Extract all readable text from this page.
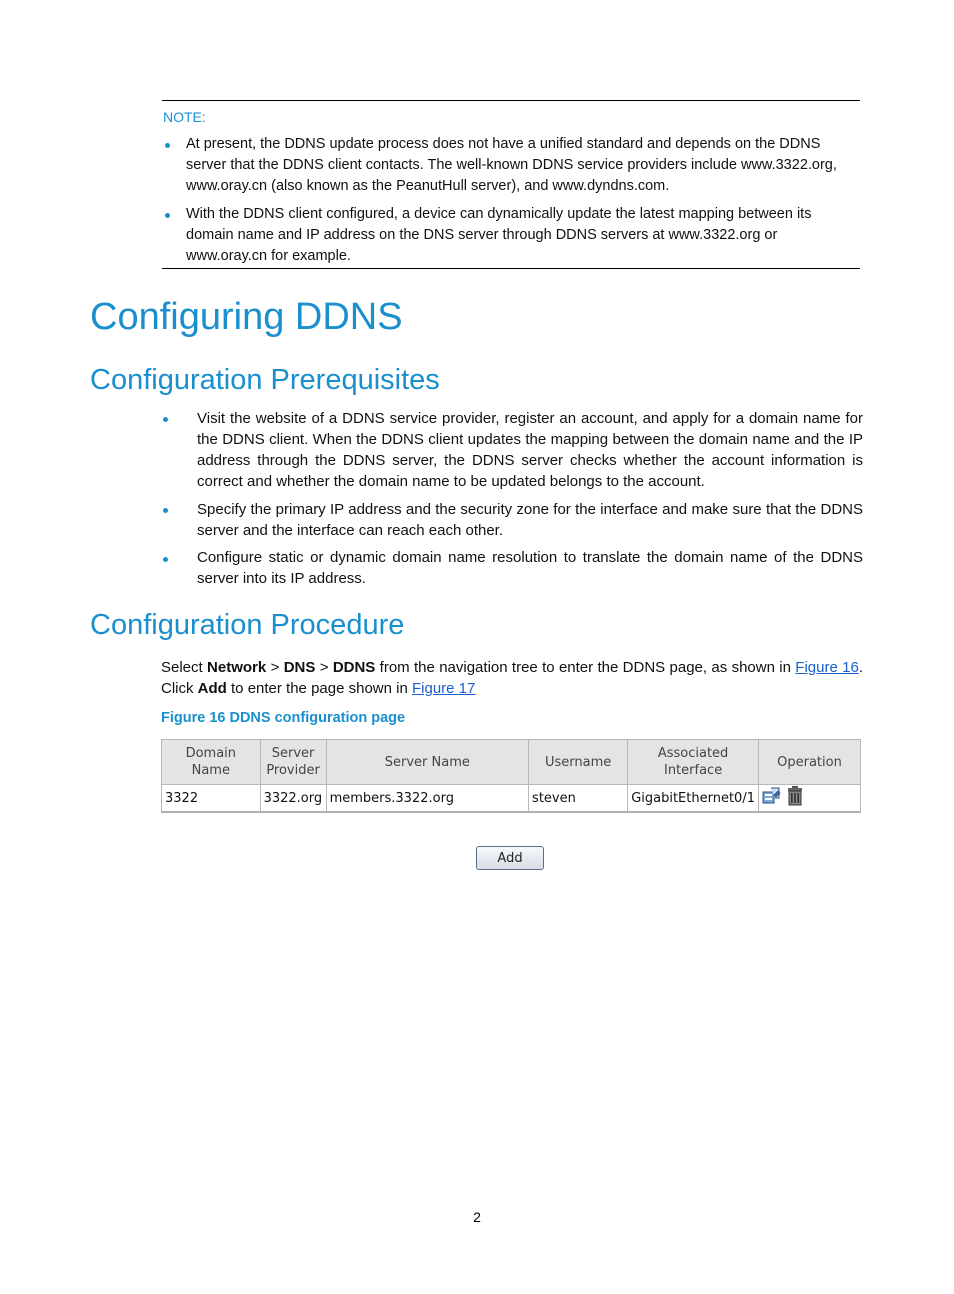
NOTE:
At present, the DDNS update process does not have a unified standard and depends on the DDNS server that the DDNS client contacts. The well-known DDNS service providers include www.3322.org, www.oray.cn (also known as the PeanutHull server), and www.dyndns.com.
With the DDNS client configured, a device can dynamically update the latest mapping between its domain name and IP address on the DNS server through DDNS servers at www.3322.org or www.oray.cn for example.
Configuring DDNS
Configuration Prerequisites
Visit the website of a DDNS service provider, register an account, and apply for a domain name for the DDNS client. When the DDNS client updates the mapping between the domain name and the IP address through the DDNS server, the DDNS server checks whether the account information is correct and whether the domain name to be updated belongs to the account.
Specify the primary IP address and the security zone for the interface and make sure that the DDNS server and the interface can reach each other.
Configure static or dynamic domain name resolution to translate the domain name of the DDNS server into its IP address.
Configuration Procedure
Select Network > DNS > DDNS from the navigation tree to enter the DDNS page, as shown in Figure 16. Click Add to enter the page shown in Figure 17
Figure 16 DDNS configuration page
Domain Name	Server Provider	Server Name	Username	Associated Interface	Operation
3322	3322.org	members.3322.org	steven	GigabitEthernet0/1	
Add
2
